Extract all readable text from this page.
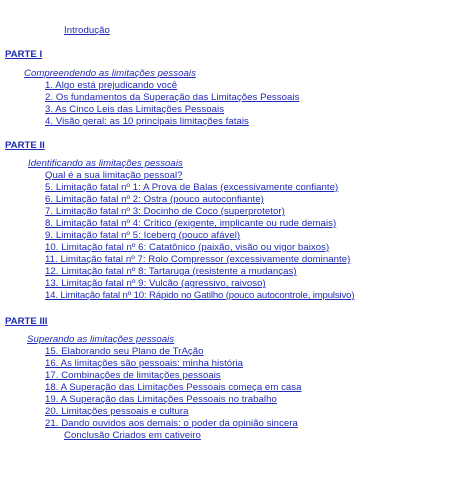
Introdução
PARTE I
Compreendendo as limitações pessoais
1. Algo está prejudicando você
2. Os fundamentos da Superação das Limitações Pessoais
3. As Cinco Leis das Limitações Pessoais
4. Visão geral: as 10 principais limitações fatais
PARTE II
Identificando as limitações pessoais
Qual é a sua limitação pessoal?
5. Limitação fatal nº 1: A Prova de Balas (excessivamente confiante)
6. Limitação fatal nº 2: Ostra (pouco autoconfiante)
7. Limitação fatal nº 3: Docinho de Coco (superprotetor)
8. Limitação fatal nº 4: Crítico (exigente, implicante ou rude demais)
9. Limitação fatal nº 5: Iceberg (pouco afável)
10. Limitação fatal nº 6: Catatônico (paixão, visão ou vigor baixos)
11. Limitação fatal nº 7: Rolo Compressor (excessivamente dominante)
12. Limitação fatal nº 8: Tartaruga (resistente a mudanças)
13. Limitação fatal nº 9: Vulcão (agressivo, raivoso)
14. Limitação fatal nº 10: Rápido no Gatilho (pouco autocontrole, impulsivo)
PARTE III
Superando as limitações pessoais
15. Elaborando seu Plano de TrAção
16. As limitações são pessoais: minha história
17. Combinações de limitações pessoais
18. A Superação das Limitações Pessoais começa em casa
19. A Superação das Limitações Pessoais no trabalho
20. Limitações pessoais e cultura
21. Dando ouvidos aos demais: o poder da opinião sincera
Conclusão Criados em cativeiro
